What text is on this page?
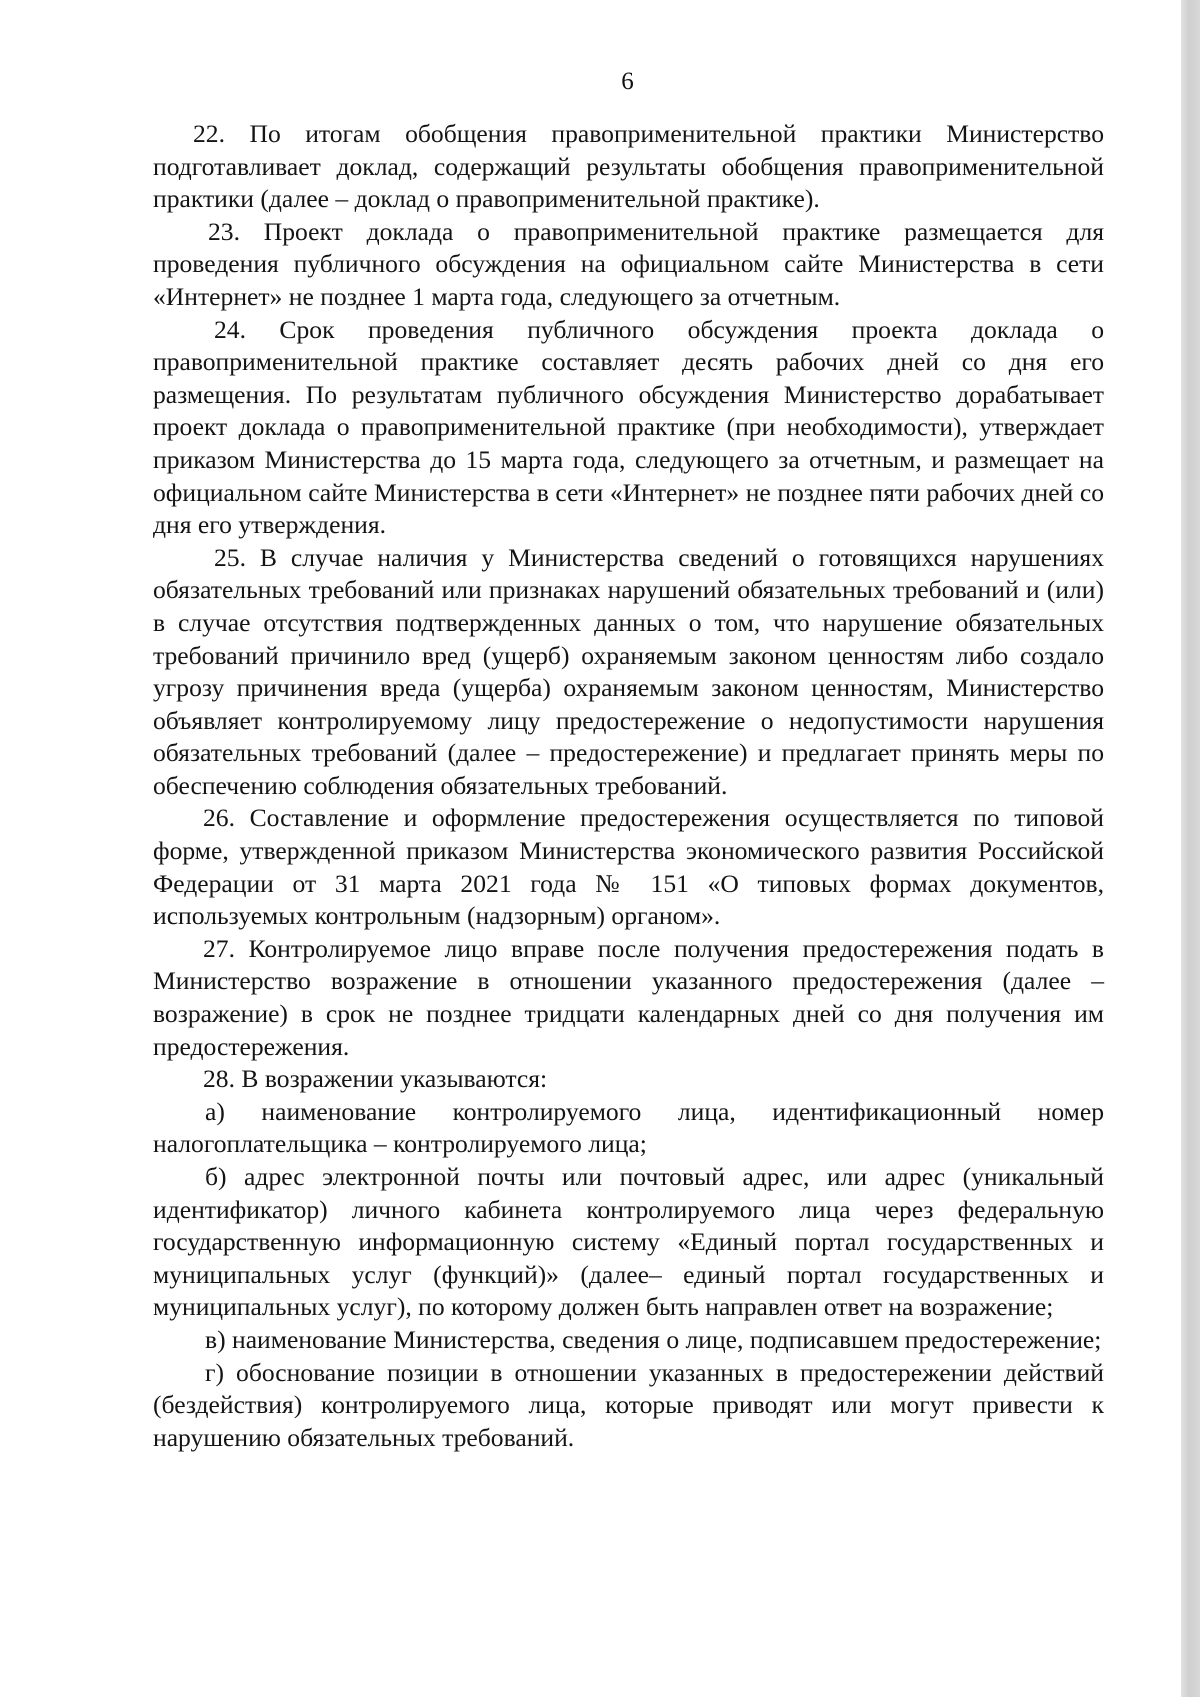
6

22. По итогам обобщения правоприменительной практики Министерство подготавливает доклад, содержащий результаты обобщения правоприменительной практики (далее – доклад о правоприменительной практике).

23. Проект доклада о правоприменительной практике размещается для проведения публичного обсуждения на официальном сайте Министерства в сети «Интернет» не позднее 1 марта года, следующего за отчетным.

24. Срок проведения публичного обсуждения проекта доклада о правоприменительной практике составляет десять рабочих дней со дня его размещения. По результатам публичного обсуждения Министерство дорабатывает проект доклада о правоприменительной практике (при необходимости), утверждает приказом Министерства до 15 марта года, следующего за отчетным, и размещает на официальном сайте Министерства в сети «Интернет» не позднее пяти рабочих дней со дня его утверждения.

25. В случае наличия у Министерства сведений о готовящихся нарушениях обязательных требований или признаках нарушений обязательных требований и (или) в случае отсутствия подтвержденных данных о том, что нарушение обязательных требований причинило вред (ущерб) охраняемым законом ценностям либо создало угрозу причинения вреда (ущерба) охраняемым законом ценностям, Министерство объявляет контролируемому лицу предостережение о недопустимости нарушения обязательных требований (далее – предостережение) и предлагает принять меры по обеспечению соблюдения обязательных требований.

26. Составление и оформление предостережения осуществляется по типовой форме, утвержденной приказом Министерства экономического развития Российской Федерации от 31 марта 2021 года № 151 «О типовых формах документов, используемых контрольным (надзорным) органом».

27. Контролируемое лицо вправе после получения предостережения подать в Министерство возражение в отношении указанного предостережения (далее – возражение) в срок не позднее тридцати календарных дней со дня получения им предостережения.

28. В возражении указываются:

а) наименование контролируемого лица, идентификационный номер налогоплательщика – контролируемого лица;

б) адрес электронной почты или почтовый адрес, или адрес (уникальный идентификатор) личного кабинета контролируемого лица через федеральную государственную информационную систему «Единый портал государственных и муниципальных услуг (функций)» (далее– единый портал государственных и муниципальных услуг), по которому должен быть направлен ответ на возражение;

в) наименование Министерства, сведения о лице, подписавшем предостережение;

г) обоснование позиции в отношении указанных в предостережении действий (бездействия) контролируемого лица, которые приводят или могут привести к нарушению обязательных требований.
